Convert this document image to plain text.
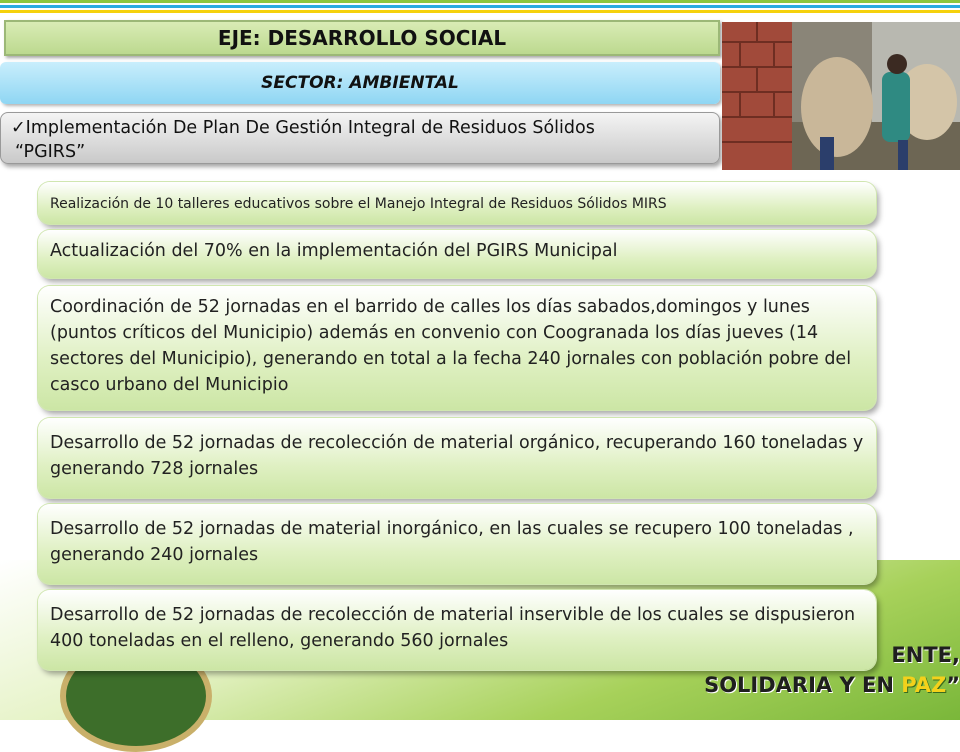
ENTE,
SOLIDARIA Y EN PAZ”
EJE: DESARROLLO SOCIAL
SECTOR: AMBIENTAL
✓Implementación De Plan De Gestión Integral de Residuos Sólidos
“PGIRS”
Realización de 10 talleres educativos sobre el Manejo Integral de Residuos Sólidos MIRS
Actualización del 70% en la implementación del PGIRS Municipal
Coordinación de 52 jornadas en el barrido de calles los días sabados,domingos y lunes (puntos críticos del Municipio) además en convenio con Coogranada los días jueves (14 sectores del Municipio), generando en total a la fecha 240 jornales con población pobre del casco urbano del Municipio
Desarrollo de 52 jornadas de recolección de material orgánico, recuperando 160 toneladas y generando 728 jornales
Desarrollo de 52 jornadas de material inorgánico, en las cuales se recupero 100 toneladas , generando 240 jornales
Desarrollo de 52 jornadas de recolección de material inservible de los cuales se dispusieron 400 toneladas en el relleno, generando 560 jornales
